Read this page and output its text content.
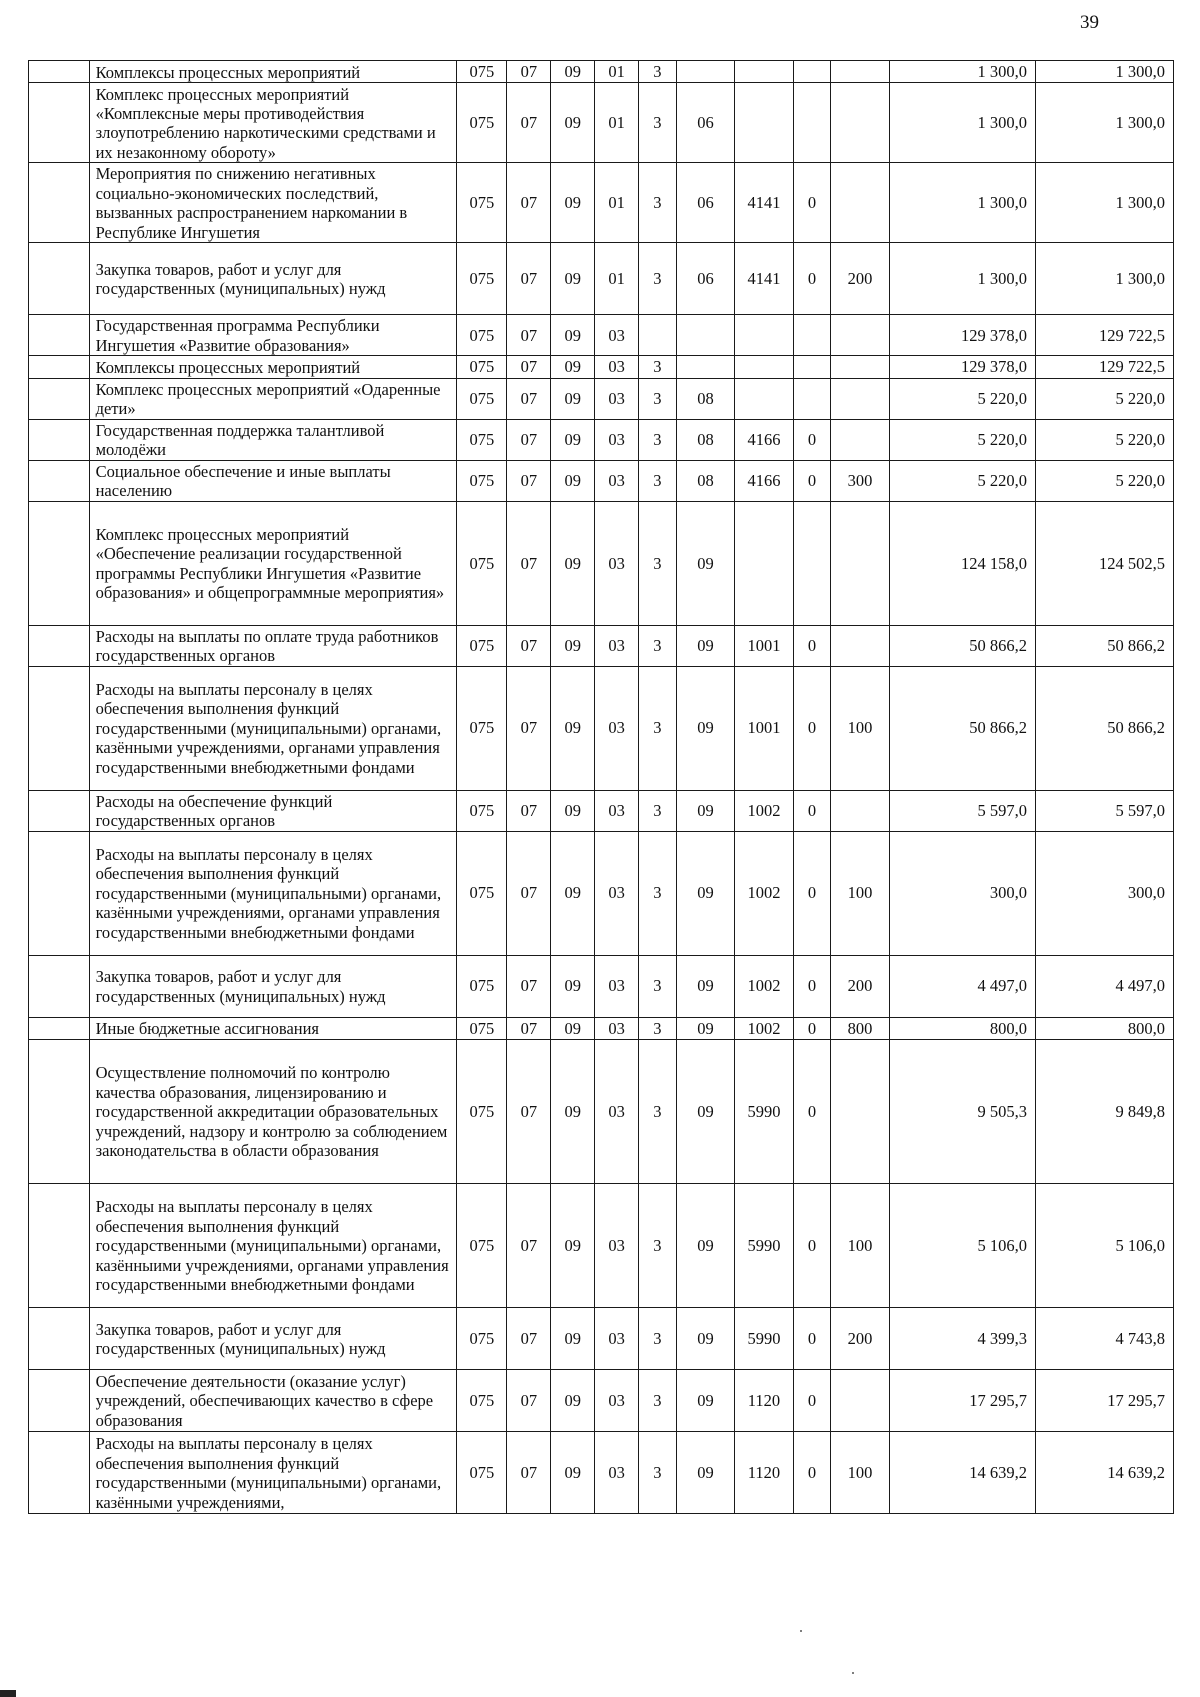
39
	Комплексы процессных мероприятий	075	07	09	01	3					1 300,0	1 300,0
	Комплекс процессных мероприятий «Комплексные меры противодействия злоупотреблению наркотическими средствами и их незаконному обороту»	075	07	09	01	3	06				1 300,0	1 300,0
	Мероприятия по снижению негативных социально-экономических последствий, вызванных распространением наркомании в Республике Ингушетия	075	07	09	01	3	06	4141	0		1 300,0	1 300,0
	Закупка товаров, работ и услуг для государственных (муниципальных) нужд	075	07	09	01	3	06	4141	0	200	1 300,0	1 300,0
	Государственная программа Республики Ингушетия «Развитие образования»	075	07	09	03						129 378,0	129 722,5
	Комплексы процессных мероприятий	075	07	09	03	3					129 378,0	129 722,5
	Комплекс процессных мероприятий «Одаренные дети»	075	07	09	03	3	08				5 220,0	5 220,0
	Государственная поддержка талантливой молодёжи	075	07	09	03	3	08	4166	0		5 220,0	5 220,0
	Социальное обеспечение и иные выплаты населению	075	07	09	03	3	08	4166	0	300	5 220,0	5 220,0
	Комплекс процессных мероприятий «Обеспечение реализации государственной программы Республики Ингушетия «Развитие образования» и общепрограммные мероприятия»	075	07	09	03	3	09				124 158,0	124 502,5
	Расходы на выплаты по оплате труда работников государственных органов	075	07	09	03	3	09	1001	0		50 866,2	50 866,2
	Расходы на выплаты персоналу в целях обеспечения выполнения функций государственными (муниципальными) органами, казёнными учреждениями, органами управления государственными внебюджетными фондами	075	07	09	03	3	09	1001	0	100	50 866,2	50 866,2
	Расходы на обеспечение функций государственных органов	075	07	09	03	3	09	1002	0		5 597,0	5 597,0
	Расходы на выплаты персоналу в целях обеспечения выполнения функций государственными (муниципальными) органами, казёнными учреждениями, органами управления государственными внебюджетными фондами	075	07	09	03	3	09	1002	0	100	300,0	300,0
	Закупка товаров, работ и услуг для государственных (муниципальных) нужд	075	07	09	03	3	09	1002	0	200	4 497,0	4 497,0
	Иные бюджетные ассигнования	075	07	09	03	3	09	1002	0	800	800,0	800,0
	Осуществление полномочий по контролю качества образования, лицензированию и государственной аккредитации образовательных учреждений, надзору и контролю за соблюдением законодательства в области образования	075	07	09	03	3	09	5990	0		9 505,3	9 849,8
	Расходы на выплаты персоналу в целях обеспечения выполнения функций государственными (муниципальными) органами, казённыими учреждениями, органами управления государственными внебюджетными фондами	075	07	09	03	3	09	5990	0	100	5 106,0	5 106,0
	Закупка товаров, работ и услуг для государственных (муниципальных) нужд	075	07	09	03	3	09	5990	0	200	4 399,3	4 743,8
	Обеспечение деятельности (оказание услуг) учреждений, обеспечивающих качество в сфере образования	075	07	09	03	3	09	1120	0		17 295,7	17 295,7
	Расходы на выплаты персоналу в целях обеспечения выполнения функций государственными (муниципальными) органами, казёнными учреждениями,	075	07	09	03	3	09	1120	0	100	14 639,2	14 639,2
